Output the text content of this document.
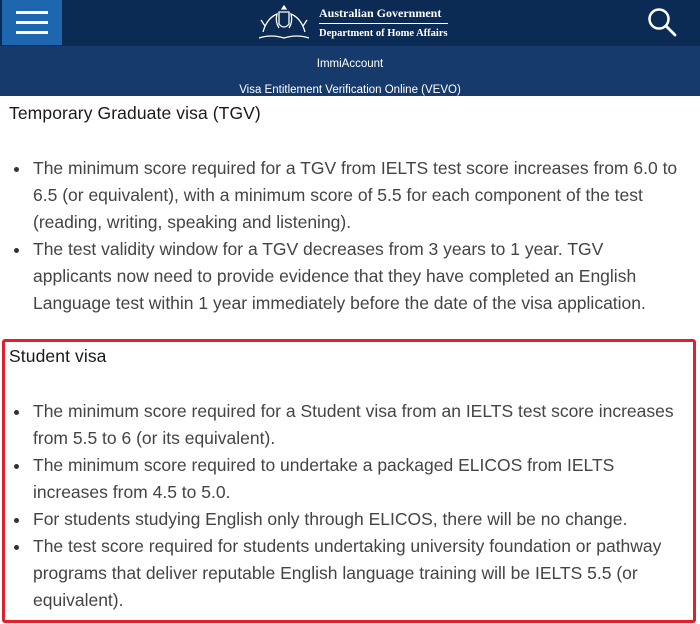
Australian Government
Department of Home Affairs
ImmiAccount
Visa Entitlement Verification Online (VEVO)
Temporary Graduate visa (TGV)
The minimum score required for a TGV from IELTS test score increases from 6.0 to 6.5 (or equivalent), with a minimum score of 5.5 for each component of the test (reading, writing, speaking and listening).
The test validity window for a TGV decreases from 3 years to 1 year. TGV applicants now need to provide evidence that they have completed an English Language test within 1 year immediately before the date of the visa application.
Student visa
The minimum score required for a Student visa from an IELTS test score increases from 5.5 to 6 (or its equivalent).
The minimum score required to undertake a packaged ELICOS from IELTS increases from 4.5 to 5.0.
For students studying English only through ELICOS, there will be no change.
The test score required for students undertaking university foundation or pathway programs that deliver reputable English language training will be IELTS 5.5 (or equivalent).
